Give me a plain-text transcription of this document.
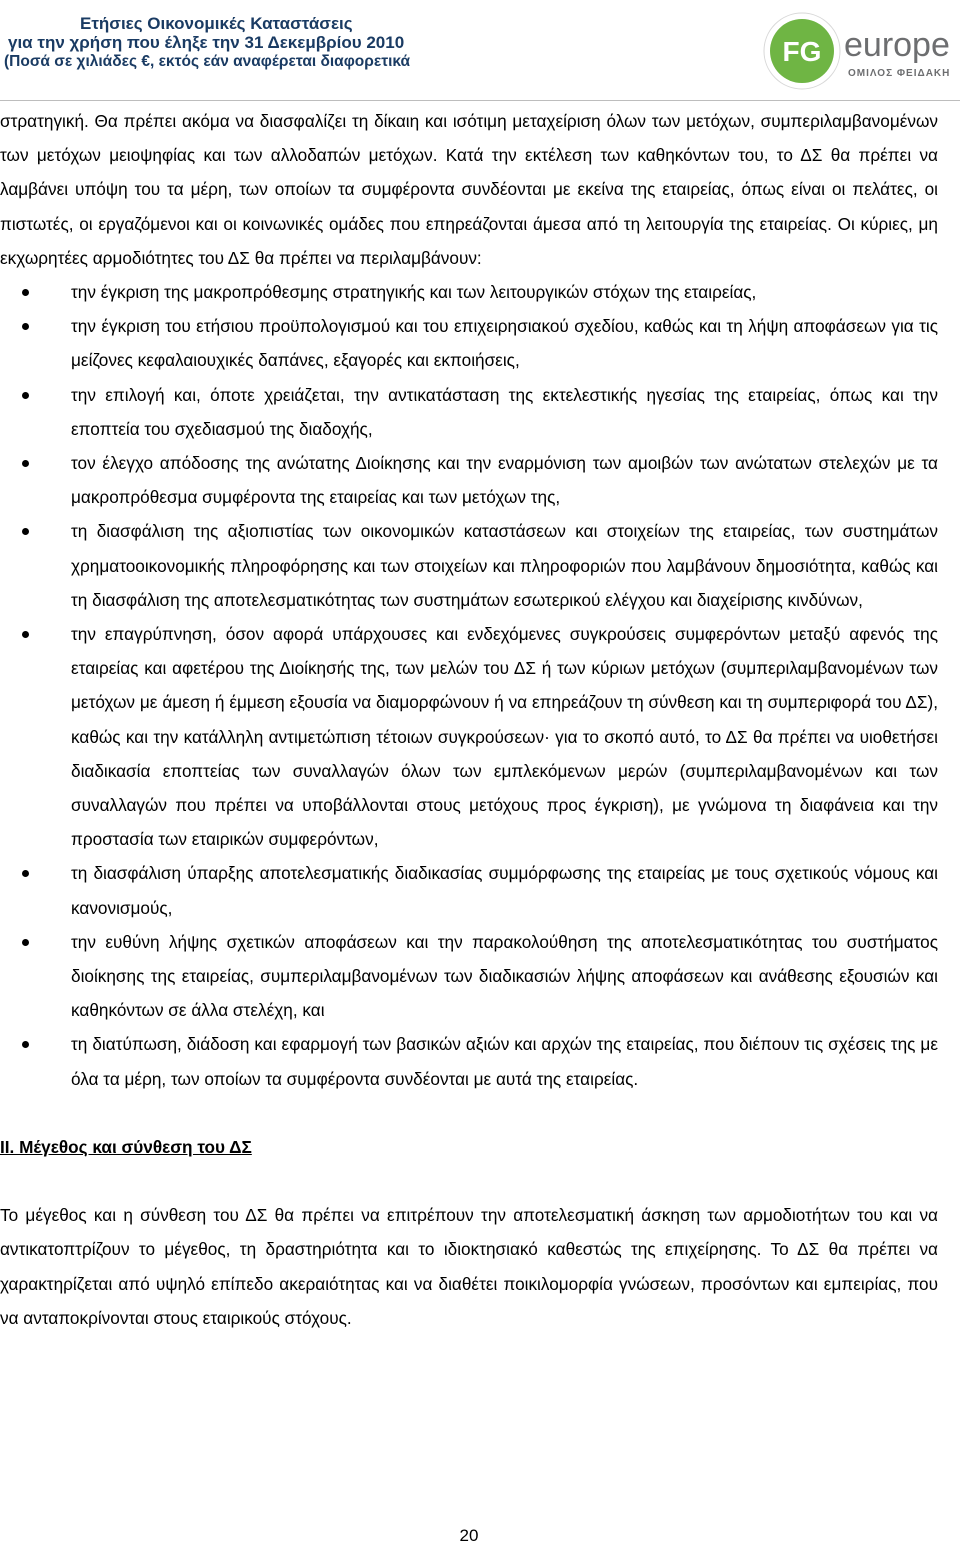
Ετήσιες Οικονομικές Καταστάσεις
για την χρήση που έληξε την 31 Δεκεμβρίου 2010
(Ποσά σε χιλιάδες €, εκτός εάν αναφέρεται διαφορετικά	FG europe
ΟΜΙΛΟΣ ΦΕΙΔΑΚΗ

στρατηγική. Θα πρέπει ακόμα να διασφαλίζει τη δίκαιη και ισότιμη μεταχείριση όλων των μετόχων, συμπεριλαμβανομένων των μετόχων μειοψηφίας και των αλλοδαπών μετόχων. Κατά την εκτέλεση των καθηκόντων του, το ΔΣ θα πρέπει να λαμβάνει υπόψη του τα μέρη, των οποίων τα συμφέροντα συνδέονται με εκείνα της εταιρείας, όπως είναι οι πελάτες, οι πιστωτές, οι εργαζόμενοι και οι κοινωνικές ομάδες που επηρεάζονται άμεσα από τη λειτουργία της εταιρείας. Οι κύριες, μη εκχωρητέες αρμοδιότητες του ΔΣ θα πρέπει να περιλαμβάνουν:

την έγκριση της μακροπρόθεσμης στρατηγικής και των λειτουργικών στόχων της εταιρείας,
την έγκριση του ετήσιου προϋπολογισμού και του επιχειρησιακού σχεδίου, καθώς και τη λήψη αποφάσεων για τις μείζονες κεφαλαιουχικές δαπάνες, εξαγορές και εκποιήσεις,
την επιλογή και, όποτε χρειάζεται, την αντικατάσταση της εκτελεστικής ηγεσίας της εταιρείας, όπως και την εποπτεία του σχεδιασμού της διαδοχής,
τον έλεγχο απόδοσης της ανώτατης Διοίκησης και την εναρμόνιση των αμοιβών των ανώτατων στελεχών με τα μακροπρόθεσμα συμφέροντα της εταιρείας και των μετόχων της,
τη διασφάλιση της αξιοπιστίας των οικονομικών καταστάσεων και στοιχείων της εταιρείας, των συστημάτων χρηματοοικονομικής πληροφόρησης και των στοιχείων και πληροφοριών που λαμβάνουν δημοσιότητα, καθώς και τη διασφάλιση της αποτελεσματικότητας των συστημάτων εσωτερικού ελέγχου και διαχείρισης κινδύνων,
την επαγρύπνηση, όσον αφορά υπάρχουσες και ενδεχόμενες συγκρούσεις συμφερόντων μεταξύ αφενός της εταιρείας και αφετέρου της Διοίκησής της, των μελών του ΔΣ ή των κύριων μετόχων (συμπεριλαμβανομένων των μετόχων με άμεση ή έμμεση εξουσία να διαμορφώνουν ή να επηρεάζουν τη σύνθεση και τη συμπεριφορά του ΔΣ), καθώς και την κατάλληλη αντιμετώπιση τέτοιων συγκρούσεων· για το σκοπό αυτό, το ΔΣ θα πρέπει να υιοθετήσει διαδικασία εποπτείας των συναλλαγών όλων των εμπλεκόμενων μερών (συμπεριλαμβανομένων και των συναλλαγών που πρέπει να υποβάλλονται στους μετόχους προς έγκριση), με γνώμονα τη διαφάνεια και την προστασία των εταιρικών συμφερόντων,
τη διασφάλιση ύπαρξης αποτελεσματικής διαδικασίας συμμόρφωσης της εταιρείας με τους σχετικούς νόμους και κανονισμούς,
την ευθύνη λήψης σχετικών αποφάσεων και την παρακολούθηση της αποτελεσματικότητας του συστήματος διοίκησης της εταιρείας, συμπεριλαμβανομένων των διαδικασιών λήψης αποφάσεων και ανάθεσης εξουσιών και καθηκόντων σε άλλα στελέχη, και
τη διατύπωση, διάδοση και εφαρμογή των βασικών αξιών και αρχών της εταιρείας, που διέπουν τις σχέσεις της με όλα τα μέρη, των οποίων τα συμφέροντα συνδέονται με αυτά της εταιρείας.
ΙΙ. Μέγεθος και σύνθεση του ΔΣ

Το μέγεθος και η σύνθεση του ΔΣ θα πρέπει να επιτρέπουν την αποτελεσματική άσκηση των αρμοδιοτήτων του και να αντικατοπτρίζουν το μέγεθος, τη δραστηριότητα και το ιδιοκτησιακό καθεστώς της επιχείρησης. Το ΔΣ θα πρέπει να χαρακτηρίζεται από υψηλό επίπεδο ακεραιότητας και να διαθέτει ποικιλομορφία γνώσεων, προσόντων και εμπειρίας, που να ανταποκρίνονται στους εταιρικούς στόχους.

20
